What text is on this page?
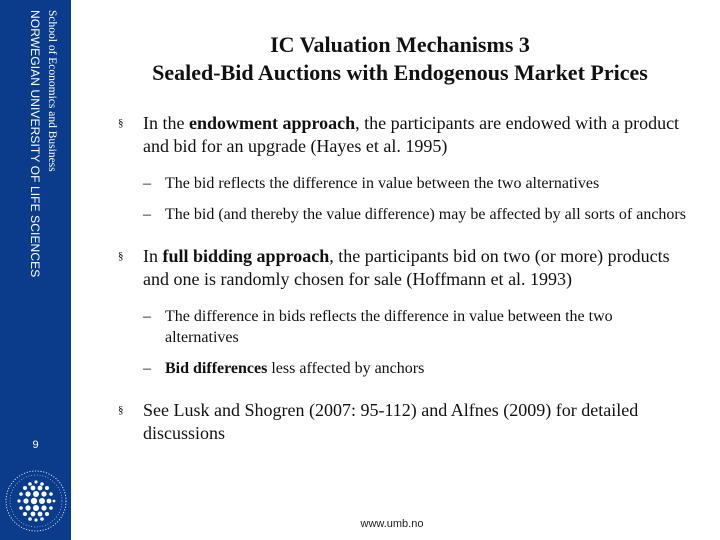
School of Economics and Business
NORWEGIAN UNIVERSITY OF LIFE SCIENCES
9
IC Valuation Mechanisms 3
Sealed-Bid Auctions with Endogenous Market Prices
§ In the endowment approach, the participants are endowed with a product and bid for an upgrade (Hayes et al. 1995)
– The bid reflects the difference in value between the two alternatives
– The bid (and thereby the value difference) may be affected by all sorts of anchors
§ In full bidding approach, the participants bid on two (or more) products and one is randomly chosen for sale (Hoffmann et al. 1993)
– The difference in bids reflects the difference in value between the two alternatives
– Bid differences less affected by anchors
§ See Lusk and Shogren (2007: 95-112) and Alfnes (2009) for detailed discussions
www.umb.no
